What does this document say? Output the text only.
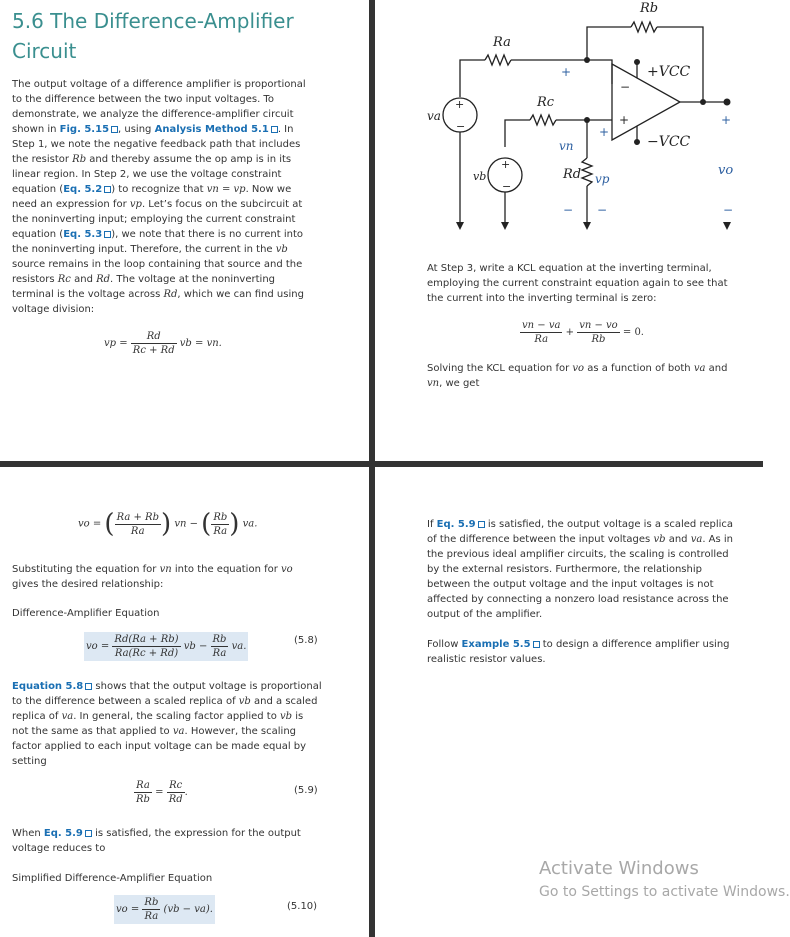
5.6 The Difference-Amplifier
Circuit
The output voltage of a difference amplifier is proportional to the difference between the two input voltages. To demonstrate, we analyze the difference-amplifier circuit shown in Fig. 5.15 , using Analysis Method 5.1 . In Step 1, we note the negative feedback path that includes the resistor Rb and thereby assume the op amp is in its linear region. In Step 2, we use the voltage constraint equation (Eq. 5.2 ) to recognize that vn = vp. Now we need an expression for vp. Let’s focus on the subcircuit at the noninverting input; employing the current constraint equation (Eq. 5.3 ), we note that there is no current into the noninverting input. Therefore, the current in the vb source remains in the loop containing that source and the resistors Rc and Rd. The voltage at the noninverting terminal is the voltage across Rd, which we can find using voltage division:
vp = $\frac{Rd}{Rc + Rd}$ vb = vn.
Rb
Ra
Rc
Rd
+VCC
−VCC
−
+
+
−
+
−
va
vb
+
vn
+
vp
− −
+
vo
−
At Step 3, write a KCL equation at the inverting terminal, employing the current constraint equation again to see that the current into the inverting terminal is zero:
$\frac{vn - va}{Ra} + \frac{vn - vo}{Rb} = 0$.
Solving the KCL equation for vo as a function of both va and vn, we get
vo = ( $\frac{Ra + Rb}{Ra}$ ) vn − ( $\frac{Rb}{Ra}$ ) va.
Substituting the equation for vn into the equation for vo gives the desired relationship:
Difference-Amplifier Equation
vo = $\frac{Rd(Ra + Rb)}{Ra(Rc + Rd)}$ vb − $\frac{Rb}{Ra}$ va.
(5.8)
Equation 5.8 shows that the output voltage is proportional to the difference between a scaled replica of vb and a scaled replica of va. In general, the scaling factor applied to vb is not the same as that applied to va. However, the scaling factor applied to each input voltage can be made equal by setting
$\frac{Ra}{Rb} = \frac{Rc}{Rd}$ .	(5.9)
When Eq. 5.9 is satisfied, the expression for the output voltage reduces to
Simplified Difference-Amplifier Equation
vo = $\frac{Rb}{Ra} (vb - va)$.	(5.10)
If Eq. 5.9 is satisfied, the output voltage is a scaled replica of the difference between the input voltages vb and va. As in the previous ideal amplifier circuits, the scaling is controlled by the external resistors. Furthermore, the relationship between the output voltage and the input voltages is not affected by connecting a nonzero load resistance across the output of the amplifier.
Follow Example 5.5 to design a difference amplifier using realistic resistor values.
Activate Windows
Go to Settings to activate Windows.
